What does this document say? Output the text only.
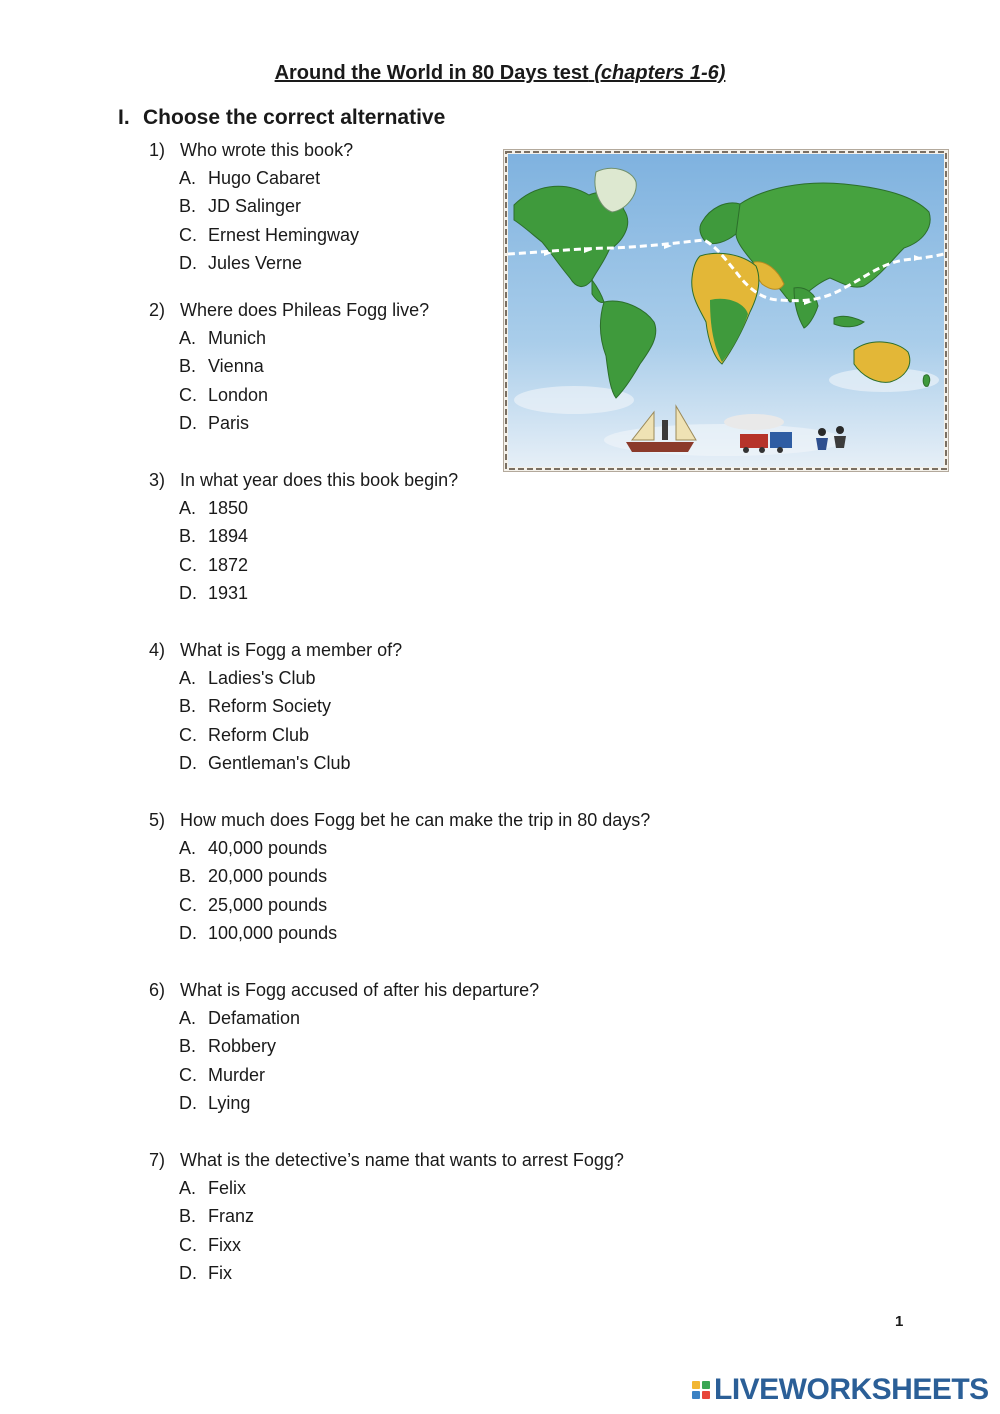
Around the World in 80 Days test (chapters 1-6)
I. Choose the correct alternative
1) Who wrote this book?
A. Hugo Cabaret
B. JD Salinger
C. Ernest Hemingway
D. Jules Verne
2) Where does Phileas Fogg live?
A. Munich
B. Vienna
C. London
D. Paris
3) In what year does this book begin?
A. 1850
B. 1894
C. 1872
D. 1931
4) What is Fogg a member of?
A. Ladies's Club
B. Reform Society
C. Reform Club
D. Gentleman's Club
5) How much does Fogg bet he can make the trip in 80 days?
A. 40,000 pounds
B. 20,000 pounds
C. 25,000 pounds
D. 100,000 pounds
6) What is Fogg accused of after his departure?
A. Defamation
B. Robbery
C. Murder
D. Lying
7) What is the detective’s name that wants to arrest Fogg?
A. Felix
B. Franz
C. Fixx
D. Fix
1
LIVEWORKSHEETS
